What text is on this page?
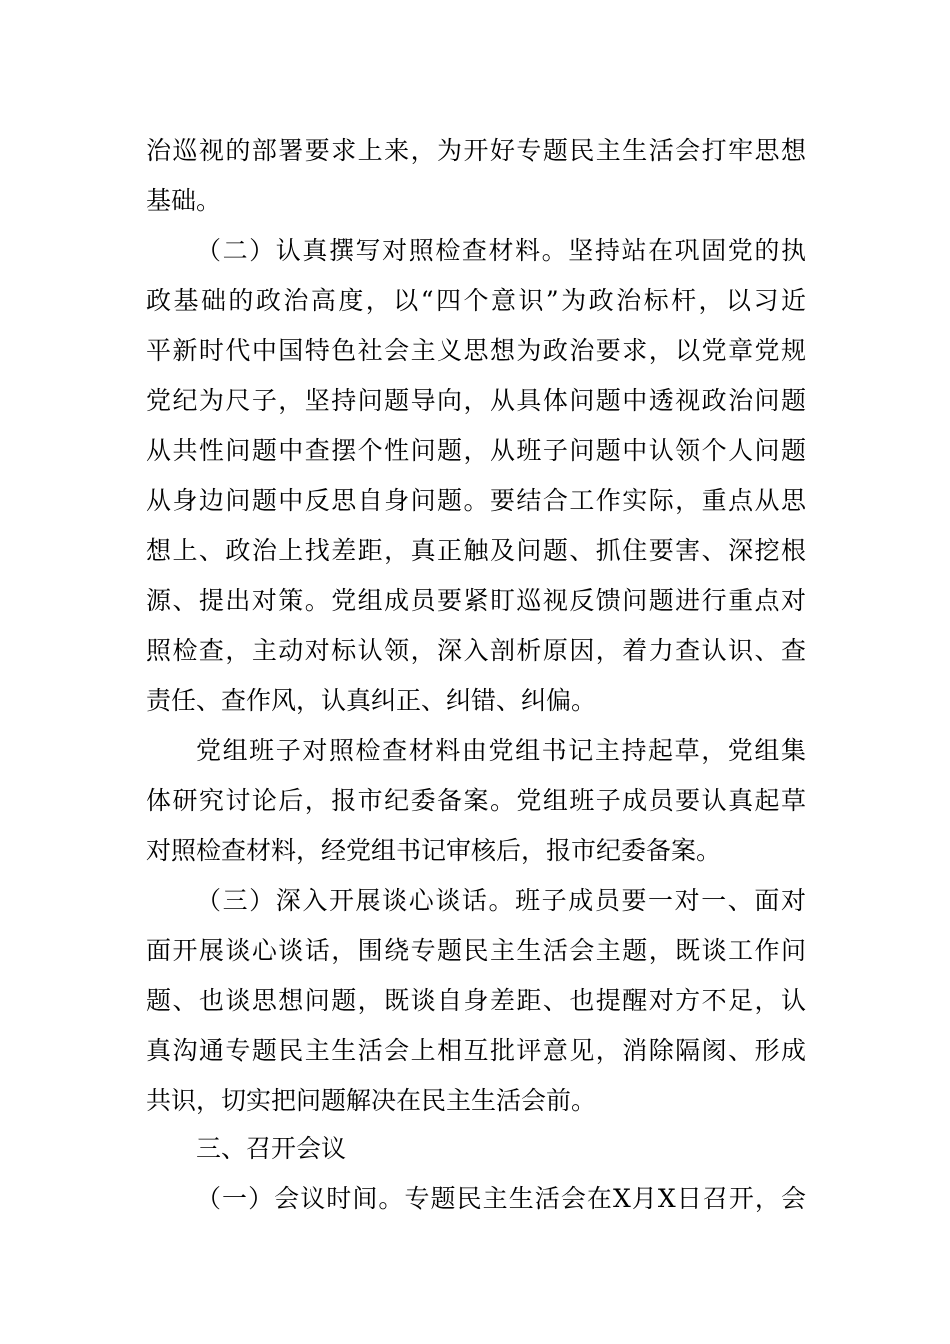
治巡视的部署要求上来，为开好专题民主生活会打牢思想
基础。
（二）认真撰写对照检查材料。坚持站在巩固党的执
政基础的政治高度，以“四个意识”为政治标杆，以习近
平新时代中国特色社会主义思想为政治要求，以党章党规
党纪为尺子，坚持问题导向，从具体问题中透视政治问题
从共性问题中查摆个性问题，从班子问题中认领个人问题
从身边问题中反思自身问题。要结合工作实际，重点从思
想上、政治上找差距，真正触及问题、抓住要害、深挖根
源、提出对策。党组成员要紧盯巡视反馈问题进行重点对
照检查，主动对标认领，深入剖析原因，着力查认识、查
责任、查作风，认真纠正、纠错、纠偏。
党组班子对照检查材料由党组书记主持起草，党组集
体研究讨论后，报市纪委备案。党组班子成员要认真起草
对照检查材料，经党组书记审核后，报市纪委备案。
（三）深入开展谈心谈话。班子成员要一对一、面对
面开展谈心谈话，围绕专题民主生活会主题，既谈工作问
题、也谈思想问题，既谈自身差距、也提醒对方不足，认
真沟通专题民主生活会上相互批评意见，消除隔阂、形成
共识，切实把问题解决在民主生活会前。
三、召开会议
（一）会议时间。专题民主生活会在X月X日召开，会
